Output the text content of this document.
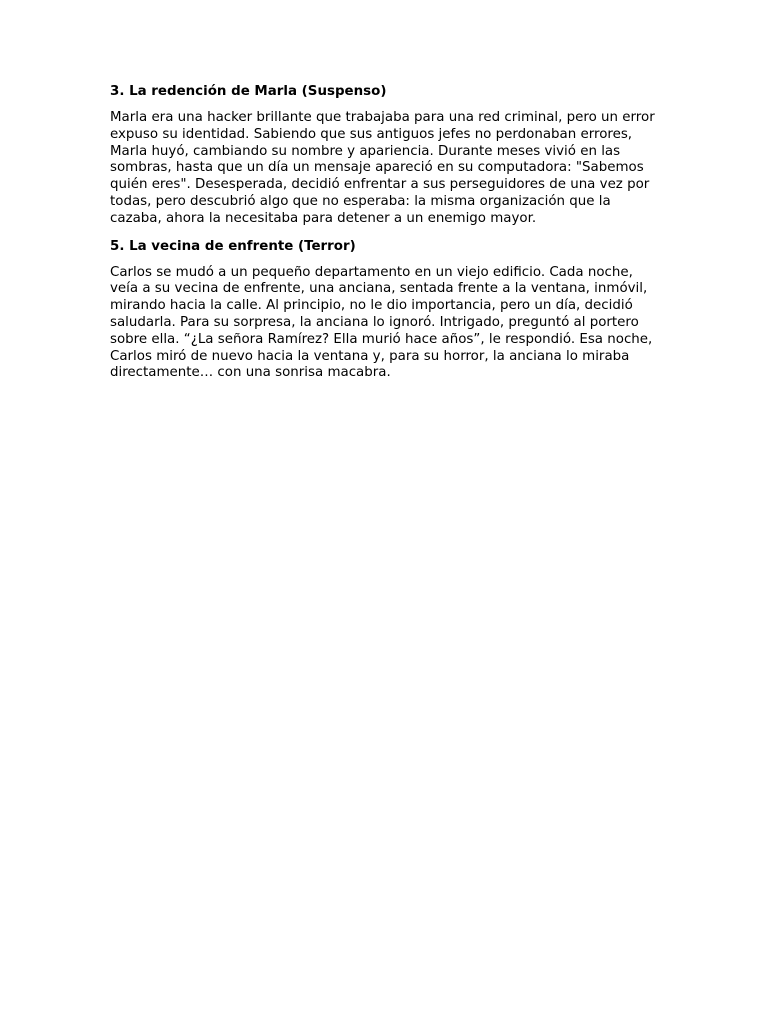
3. La redención de Marla (Suspenso)

Marla era una hacker brillante que trabajaba para una red criminal, pero un error expuso su identidad. Sabiendo que sus antiguos jefes no perdonaban errores, Marla huyó, cambiando su nombre y apariencia. Durante meses vivió en las sombras, hasta que un día un mensaje apareció en su computadora: "Sabemos quién eres". Desesperada, decidió enfrentar a sus perseguidores de una vez por todas, pero descubrió algo que no esperaba: la misma organización que la cazaba, ahora la necesitaba para detener a un enemigo mayor.

5. La vecina de enfrente (Terror)

Carlos se mudó a un pequeño departamento en un viejo edificio. Cada noche, veía a su vecina de enfrente, una anciana, sentada frente a la ventana, inmóvil, mirando hacia la calle. Al principio, no le dio importancia, pero un día, decidió saludarla. Para su sorpresa, la anciana lo ignoró. Intrigado, preguntó al portero sobre ella. “¿La señora Ramírez? Ella murió hace años”, le respondió. Esa noche, Carlos miró de nuevo hacia la ventana y, para su horror, la anciana lo miraba directamente… con una sonrisa macabra.
